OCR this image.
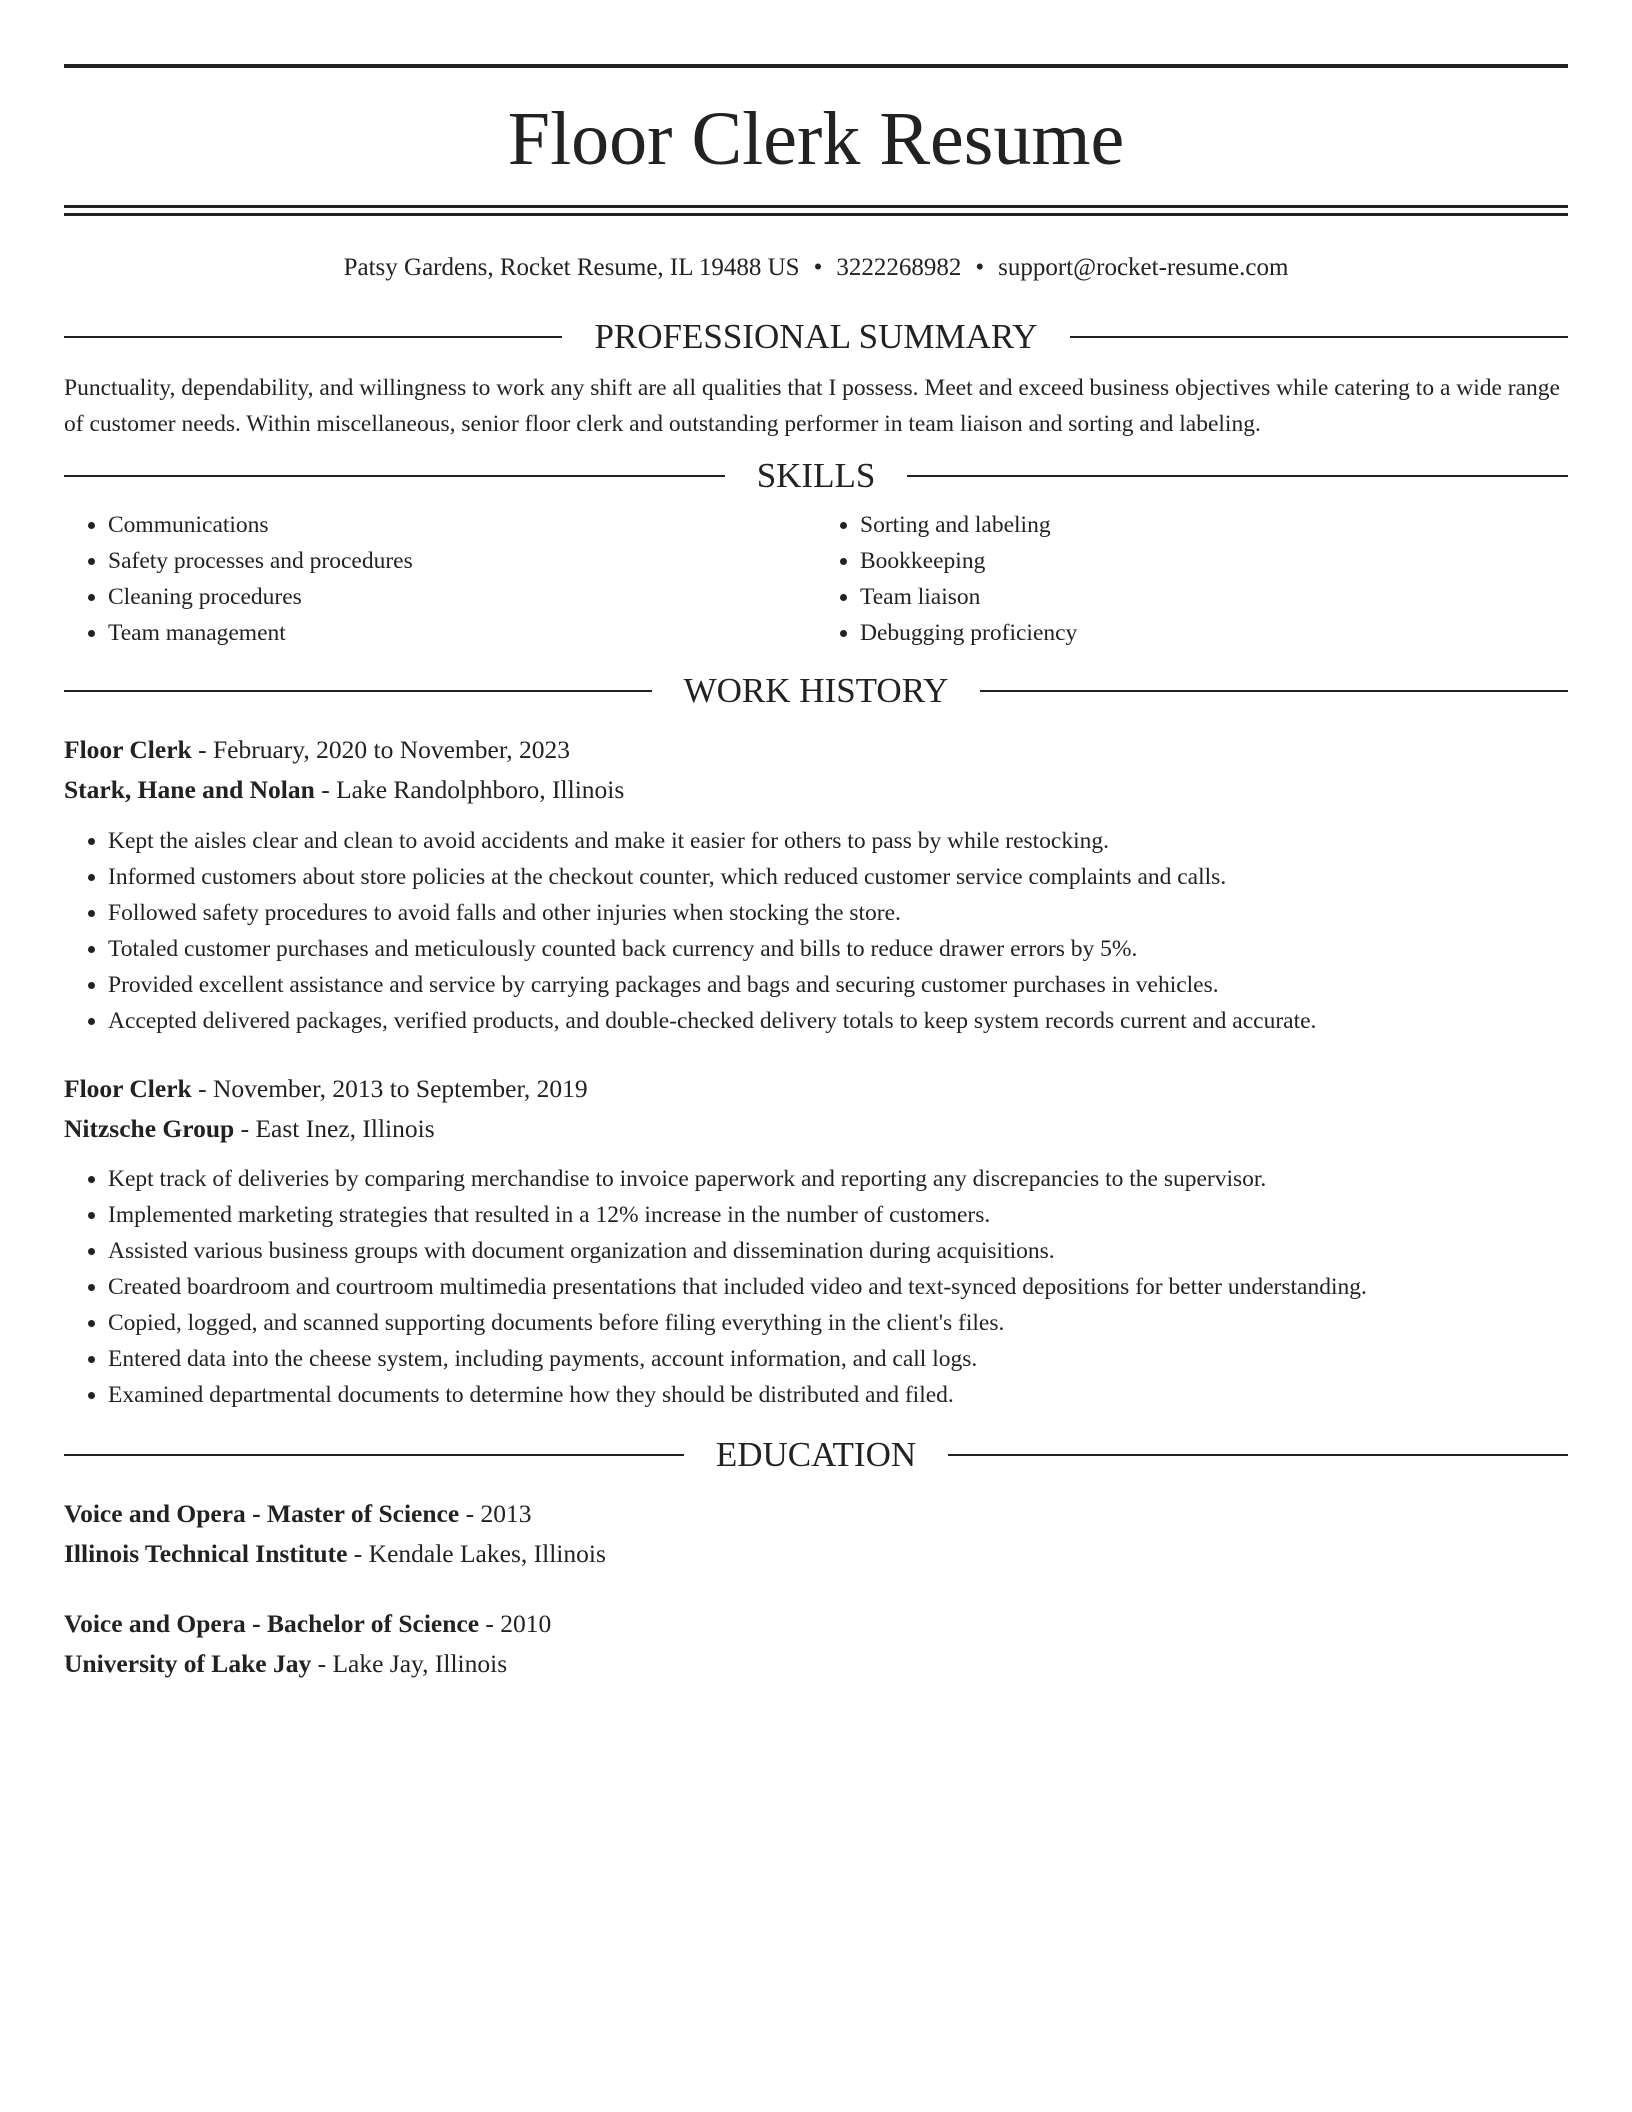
Floor Clerk Resume
Patsy Gardens, Rocket Resume, IL 19488 US • 3222268982 • support@rocket-resume.com
PROFESSIONAL SUMMARY

Punctuality, dependability, and willingness to work any shift are all qualities that I possess. Meet and exceed business objectives while catering to a wide range of customer needs. Within miscellaneous, senior floor clerk and outstanding performer in team liaison and sorting and labeling.

SKILLS
• Communications
• Safety processes and procedures
• Cleaning procedures
• Team management
• Sorting and labeling
• Bookkeeping
• Team liaison
• Debugging proficiency
WORK HISTORY

Floor Clerk - February, 2020 to November, 2023

Stark, Hane and Nolan - Lake Randolphboro, Illinois

• Kept the aisles clear and clean to avoid accidents and make it easier for others to pass by while restocking.
• Informed customers about store policies at the checkout counter, which reduced customer service complaints and calls.
• Followed safety procedures to avoid falls and other injuries when stocking the store.
• Totaled customer purchases and meticulously counted back currency and bills to reduce drawer errors by 5%.
• Provided excellent assistance and service by carrying packages and bags and securing customer purchases in vehicles.
• Accepted delivered packages, verified products, and double-checked delivery totals to keep system records current and accurate.

Floor Clerk - November, 2013 to September, 2019

Nitzsche Group - East Inez, Illinois

• Kept track of deliveries by comparing merchandise to invoice paperwork and reporting any discrepancies to the supervisor.
• Implemented marketing strategies that resulted in a 12% increase in the number of customers.
• Assisted various business groups with document organization and dissemination during acquisitions.
• Created boardroom and courtroom multimedia presentations that included video and text-synced depositions for better understanding.
• Copied, logged, and scanned supporting documents before filing everything in the client's files.
• Entered data into the cheese system, including payments, account information, and call logs.
• Examined departmental documents to determine how they should be distributed and filed.
EDUCATION

Voice and Opera - Master of Science - 2013

Illinois Technical Institute - Kendale Lakes, Illinois

Voice and Opera - Bachelor of Science - 2010

University of Lake Jay - Lake Jay, Illinois
